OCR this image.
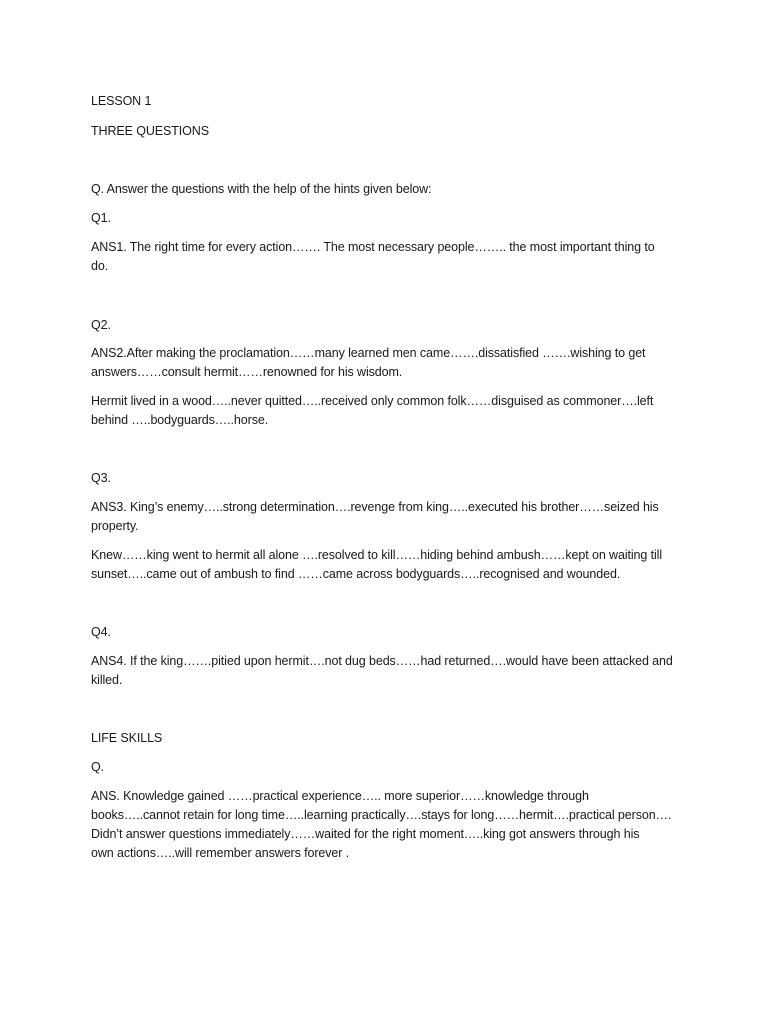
LESSON 1
THREE QUESTIONS
Q. Answer the questions with the help of the hints given below:
Q1.
ANS1. The right time for every action……. The most necessary people…….. the most important thing to
do.
Q2.
ANS2.After making the proclamation……many learned men came…….dissatisfied …….wishing to get
answers……consult hermit……renowned for his wisdom.
Hermit lived in a wood…..never quitted…..received only common folk……disguised as commoner….left
behind …..bodyguards…..horse.
Q3.
ANS3. King’s enemy…..strong determination….revenge from king…..executed his brother……seized his
property.
Knew……king went to hermit all alone ….resolved to kill……hiding behind ambush……kept on waiting till
sunset…..came out of ambush to find ……came across bodyguards…..recognised and wounded.
Q4.
ANS4. If the king…….pitied upon hermit….not dug beds……had returned….would have been attacked and
killed.
LIFE SKILLS
Q.
ANS. Knowledge gained ……practical experience….. more superior……knowledge through
books…..cannot retain for long time…..learning practically….stays for long……hermit….practical person….
Didn’t answer questions immediately……waited for the right moment…..king got answers through his
own actions…..will remember answers forever .
